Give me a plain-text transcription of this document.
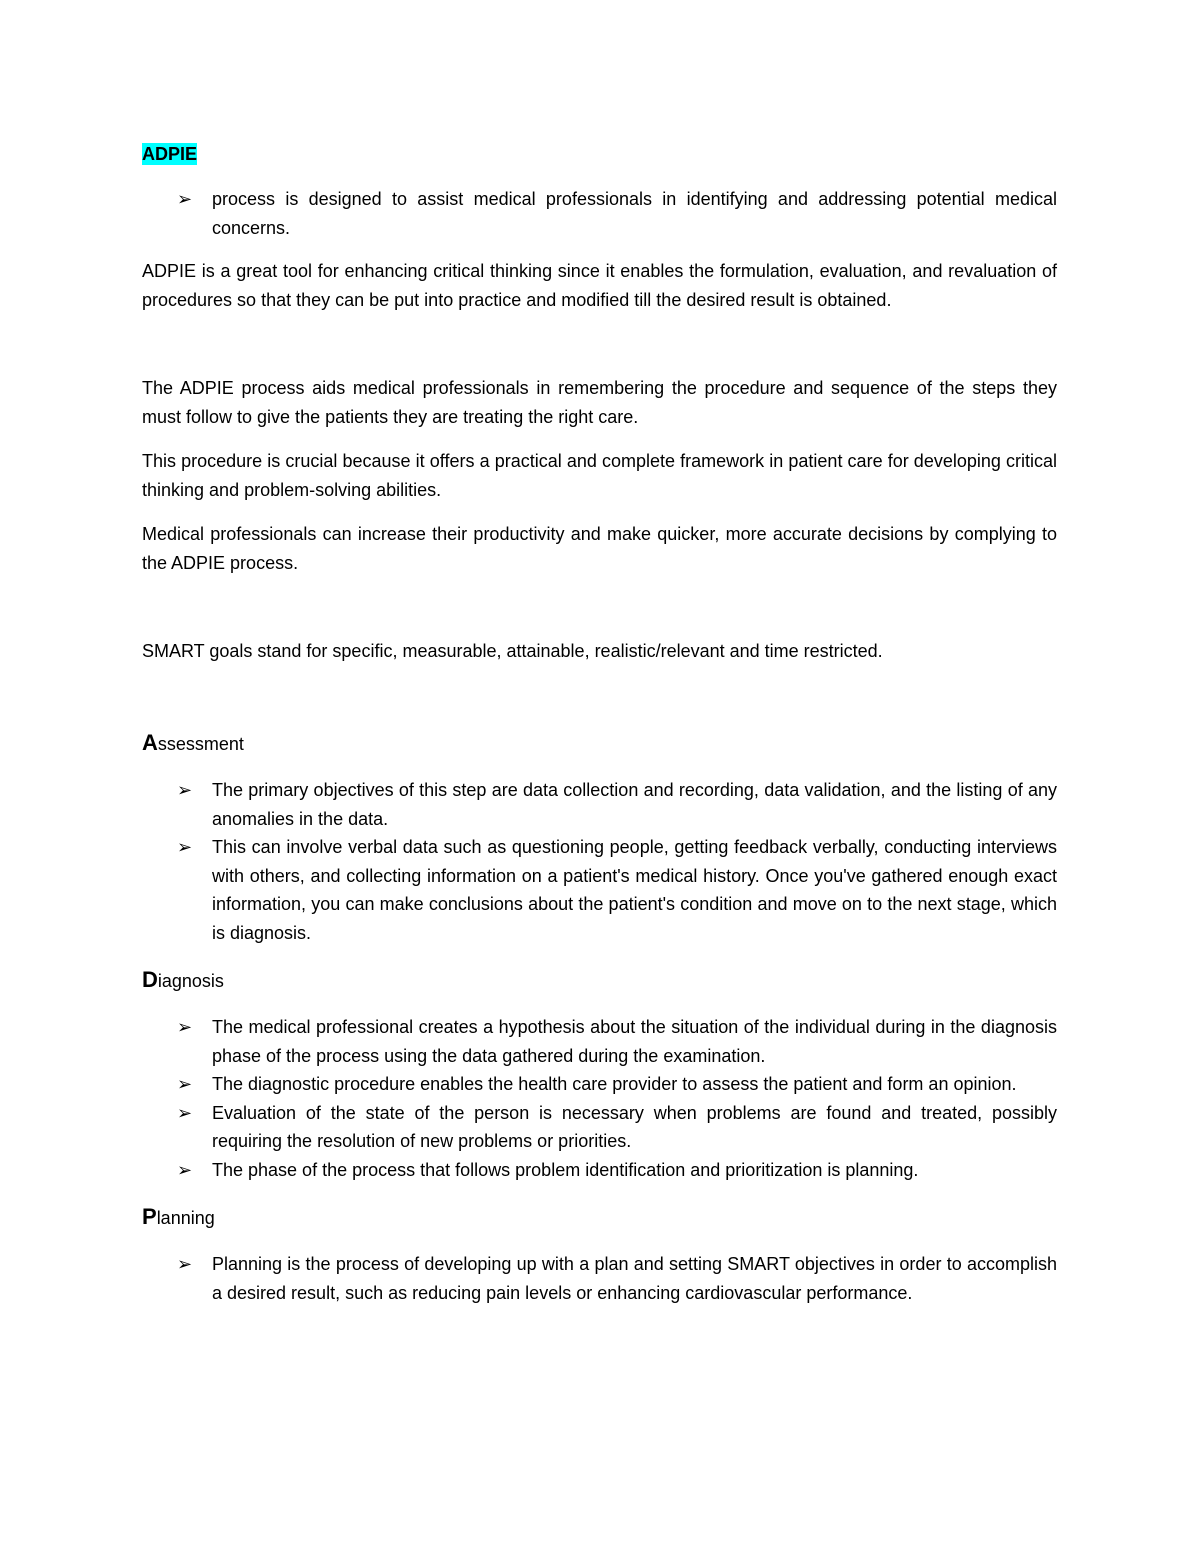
ADPIE
➢ process is designed to assist medical professionals in identifying and addressing potential medical concerns.

ADPIE is a great tool for enhancing critical thinking since it enables the formulation, evaluation, and revaluation of procedures so that they can be put into practice and modified till the desired result is obtained.

The ADPIE process aids medical professionals in remembering the procedure and sequence of the steps they must follow to give the patients they are treating the right care.

This procedure is crucial because it offers a practical and complete framework in patient care for developing critical thinking and problem-solving abilities.

Medical professionals can increase their productivity and make quicker, more accurate decisions by complying to the ADPIE process.

SMART goals stand for specific, measurable, attainable, realistic/relevant and time restricted.

Assessment
➢ The primary objectives of this step are data collection and recording, data validation, and the listing of any anomalies in the data.
➢ This can involve verbal data such as questioning people, getting feedback verbally, conducting interviews with others, and collecting information on a patient's medical history. Once you've gathered enough exact information, you can make conclusions about the patient's condition and move on to the next stage, which is diagnosis.
Diagnosis
➢ The medical professional creates a hypothesis about the situation of the individual during in the diagnosis phase of the process using the data gathered during the examination.
➢ The diagnostic procedure enables the health care provider to assess the patient and form an opinion.
➢ Evaluation of the state of the person is necessary when problems are found and treated, possibly requiring the resolution of new problems or priorities.
➢ The phase of the process that follows problem identification and prioritization is planning.
Planning
➢ Planning is the process of developing up with a plan and setting SMART objectives in order to accomplish a desired result, such as reducing pain levels or enhancing cardiovascular performance.
